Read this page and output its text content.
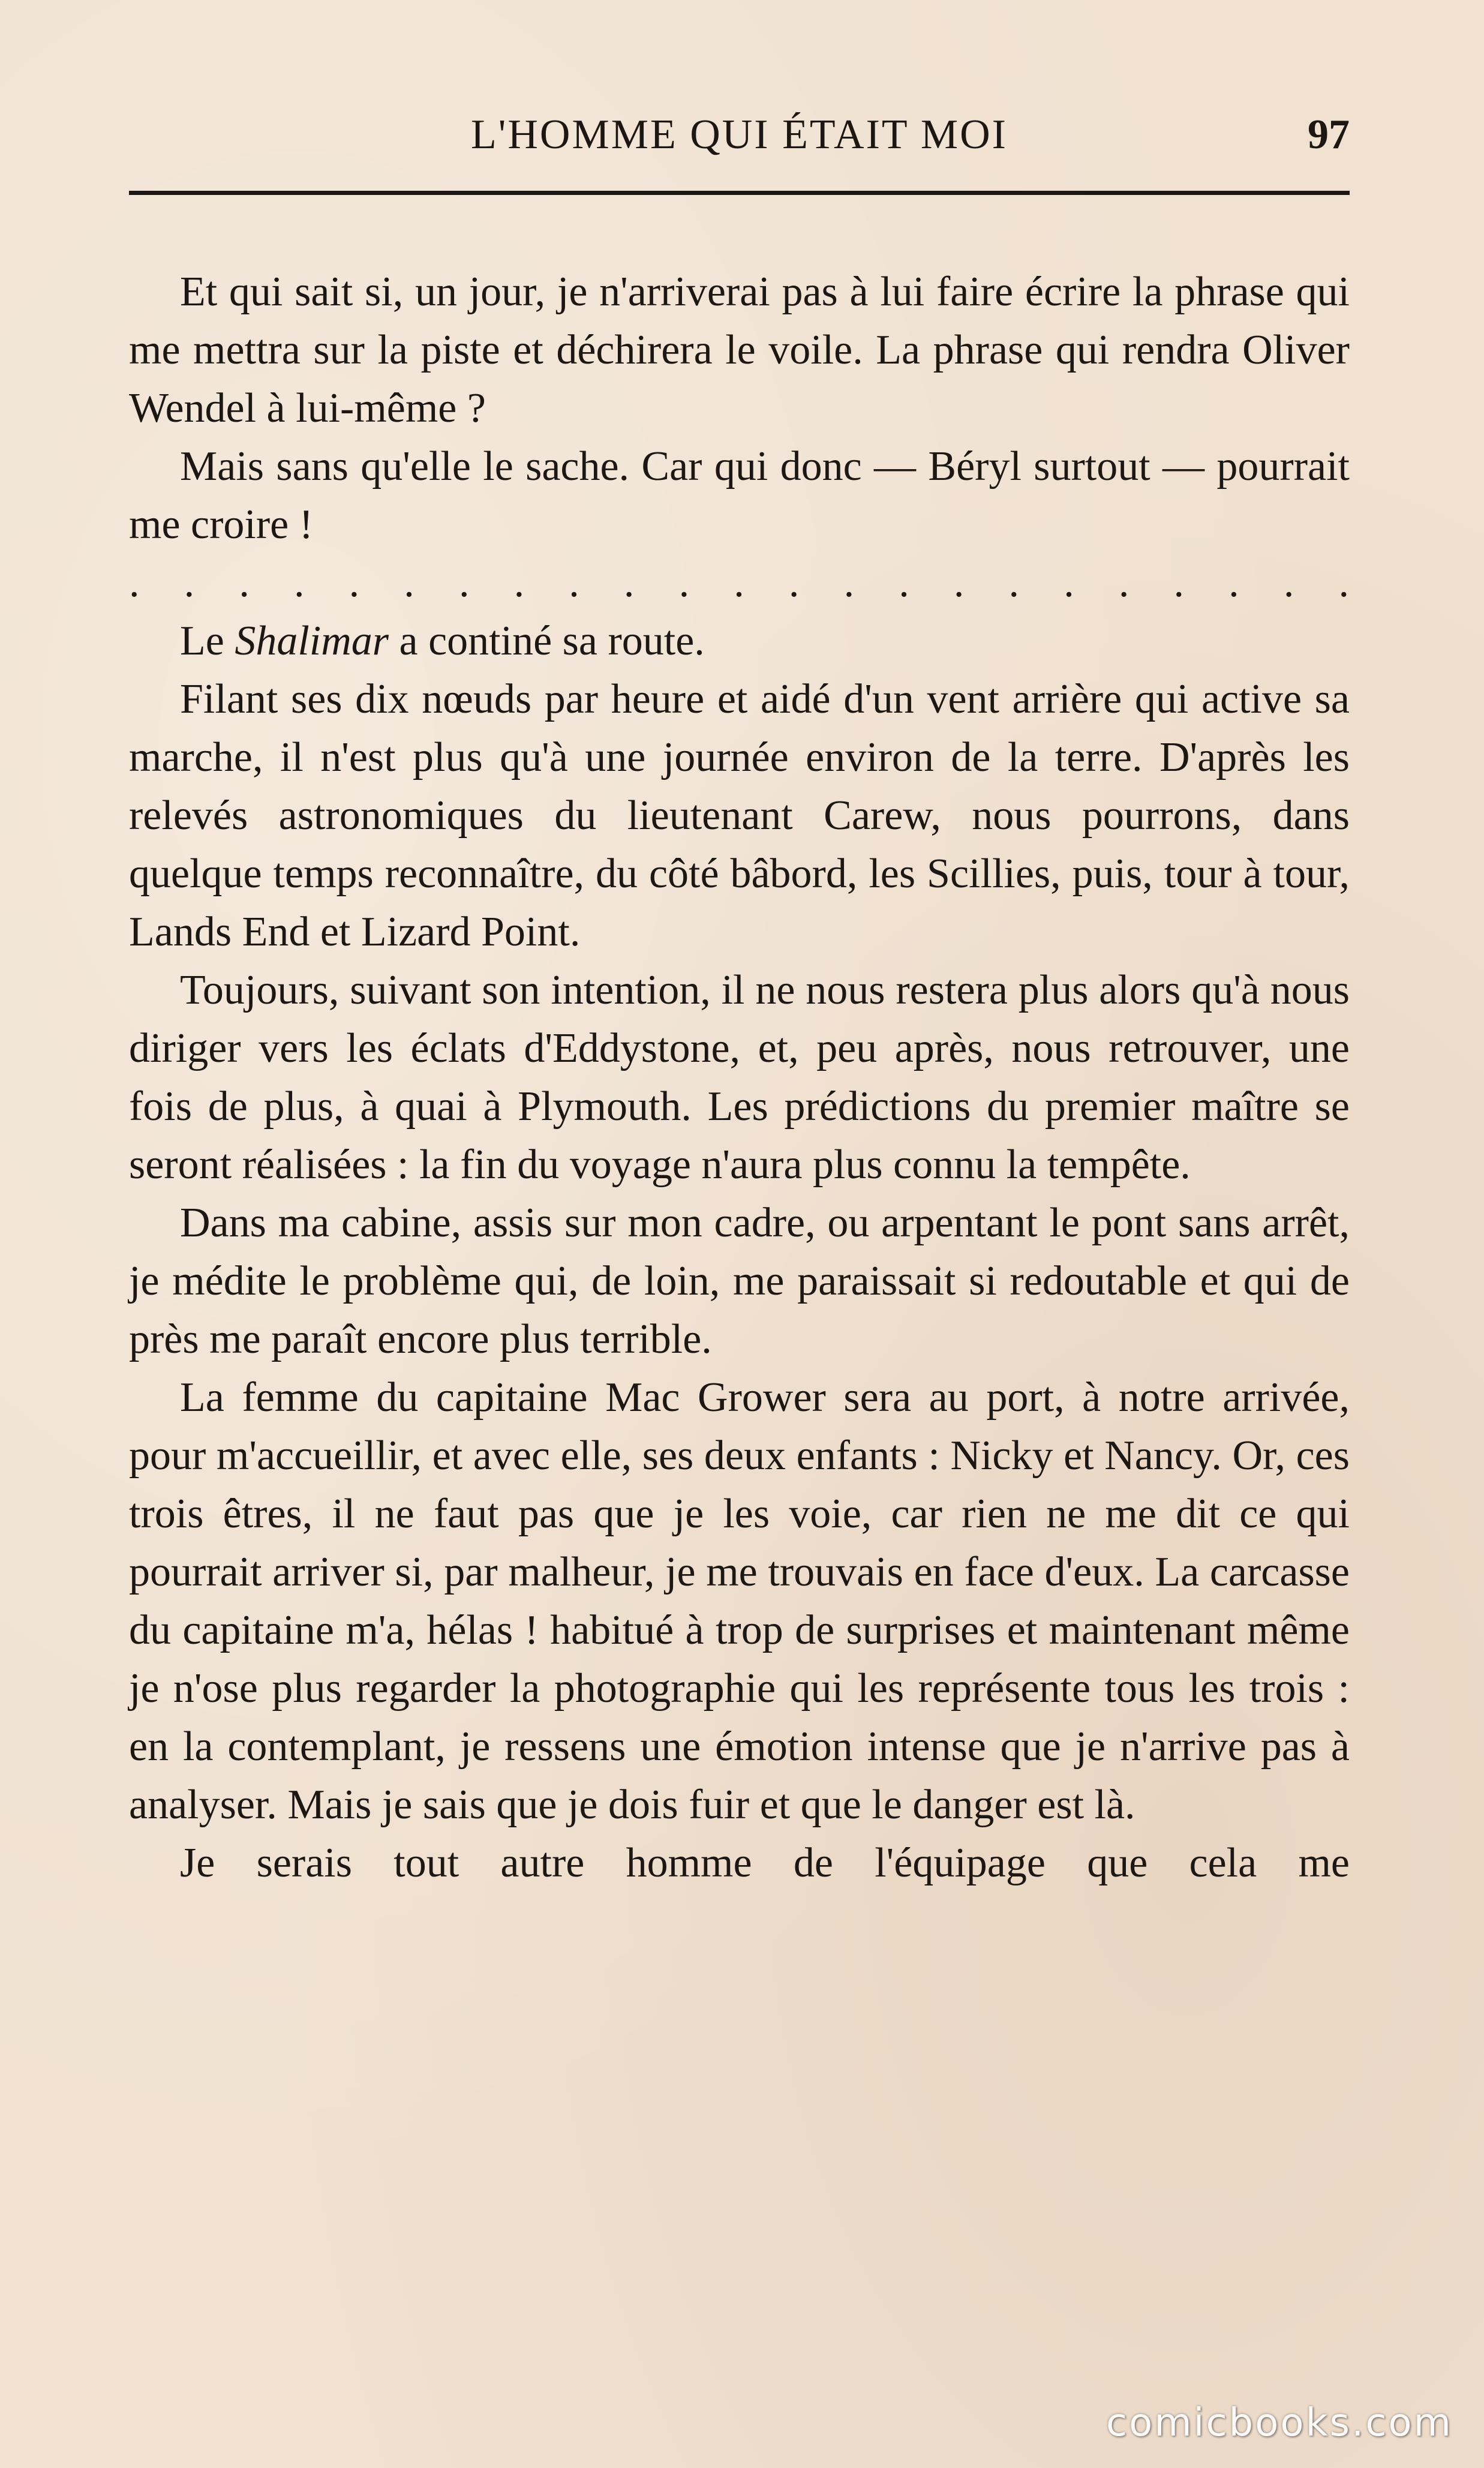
L'HOMME QUI ÉTAIT MOI	97

Et qui sait si, un jour, je n'arriverai pas à lui faire écrire la phrase qui me mettra sur la piste et déchirera le voile. La phrase qui rendra Oliver Wendel à lui-même ?

Mais sans qu'elle le sache. Car qui donc — Béryl surtout — pourrait me croire !

. . . . . . . . . . . . . . . . . . . . . . .

Le Shalimar a continé sa route.

Filant ses dix nœuds par heure et aidé d'un vent arrière qui active sa marche, il n'est plus qu'à une journée environ de la terre. D'après les relevés astronomiques du lieutenant Carew, nous pourrons, dans quelque temps reconnaître, du côté bâbord, les Scillies, puis, tour à tour, Lands End et Lizard Point.

Toujours, suivant son intention, il ne nous restera plus alors qu'à nous diriger vers les éclats d'Eddystone, et, peu après, nous retrouver, une fois de plus, à quai à Plymouth. Les prédictions du premier maître se seront réalisées : la fin du voyage n'aura plus connu la tempête.

Dans ma cabine, assis sur mon cadre, ou arpentant le pont sans arrêt, je médite le problème qui, de loin, me paraissait si redoutable et qui de près me paraît encore plus terrible.

La femme du capitaine Mac Grower sera au port, à notre arrivée, pour m'accueillir, et avec elle, ses deux enfants : Nicky et Nancy. Or, ces trois êtres, il ne faut pas que je les voie, car rien ne me dit ce qui pourrait arriver si, par malheur, je me trouvais en face d'eux. La carcasse du capitaine m'a, hélas ! habitué à trop de surprises et maintenant même je n'ose plus regarder la photographie qui les représente tous les trois : en la contemplant, je ressens une émotion intense que je n'arrive pas à analyser. Mais je sais que je dois fuir et que le danger est là.

Je serais tout autre homme de l'équipage que cela me

comicbooks.com
